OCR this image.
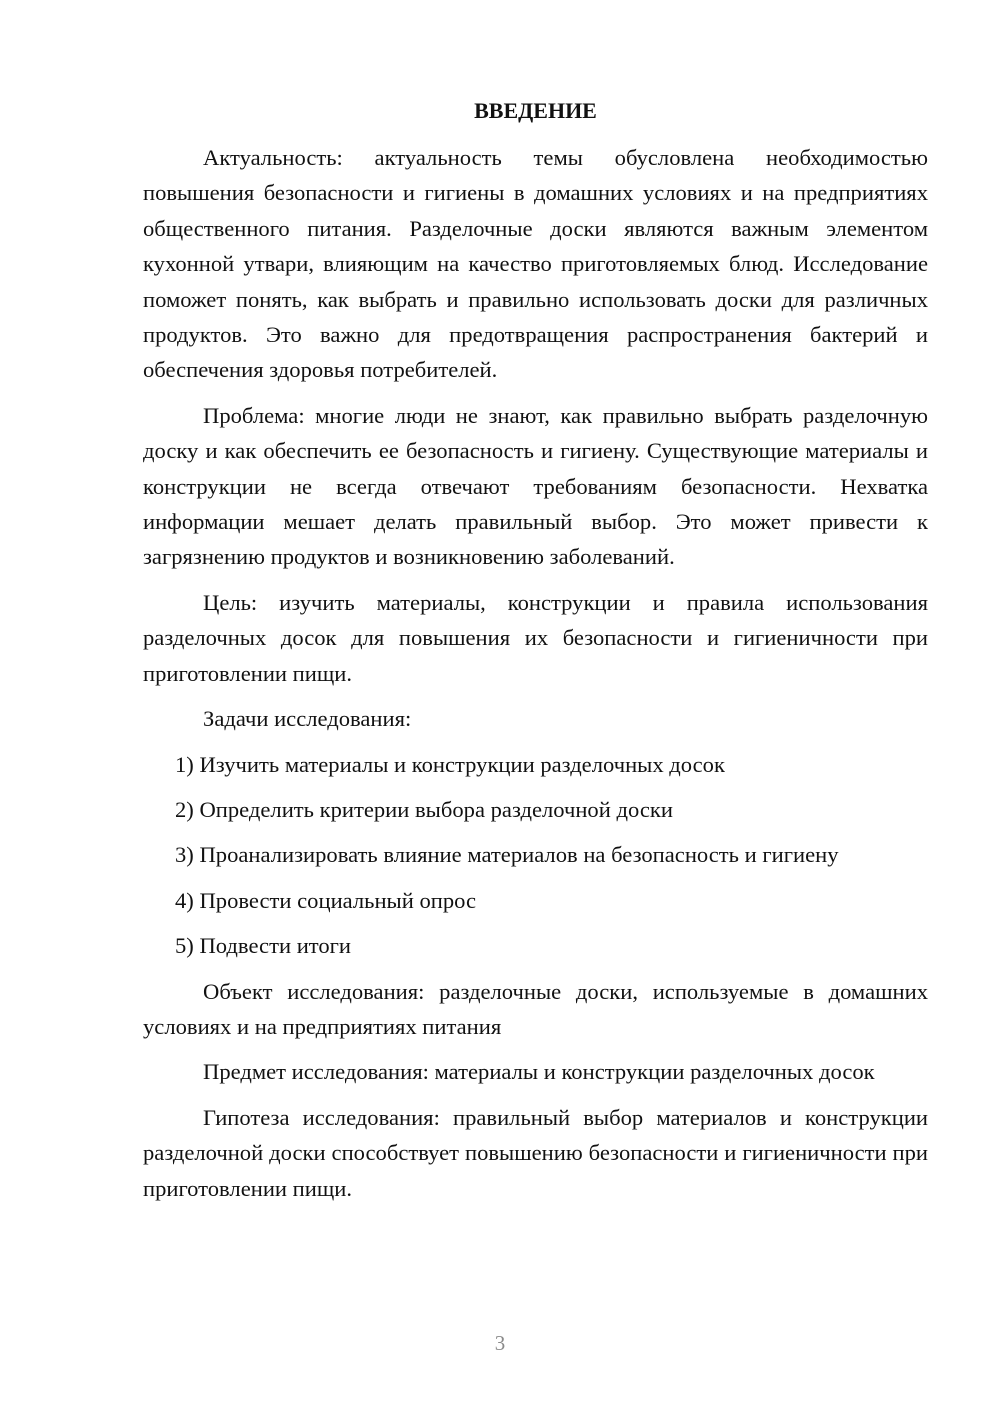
ВВЕДЕНИЕ

Актуальность: актуальность темы обусловлена необходимостью повышения безопасности и гигиены в домашних условиях и на предприятиях общественного питания. Разделочные доски являются важным элементом кухонной утвари, влияющим на качество приготовляемых блюд. Исследование поможет понять, как выбрать и правильно использовать доски для различных продуктов. Это важно для предотвращения распространения бактерий и обеспечения здоровья потребителей.

Проблема: многие люди не знают, как правильно выбрать разделочную доску и как обеспечить ее безопасность и гигиену. Существующие материалы и конструкции не всегда отвечают требованиям безопасности. Нехватка информации мешает делать правильный выбор. Это может привести к загрязнению продуктов и возникновению заболеваний.

Цель: изучить материалы, конструкции и правила использования разделочных досок для повышения их безопасности и гигиеничности при приготовлении пищи.

Задачи исследования:

1) Изучить материалы и конструкции разделочных досок
2) Определить критерии выбора разделочной доски
3) Проанализировать влияние материалов на безопасность и гигиену
4) Провести социальный опрос
5) Подвести итоги

Объект исследования: разделочные доски, используемые в домашних условиях и на предприятиях питания

Предмет исследования: материалы и конструкции разделочных досок

Гипотеза исследования: правильный выбор материалов и конструкции разделочной доски способствует повышению безопасности и гигиеничности при приготовлении пищи.

3
